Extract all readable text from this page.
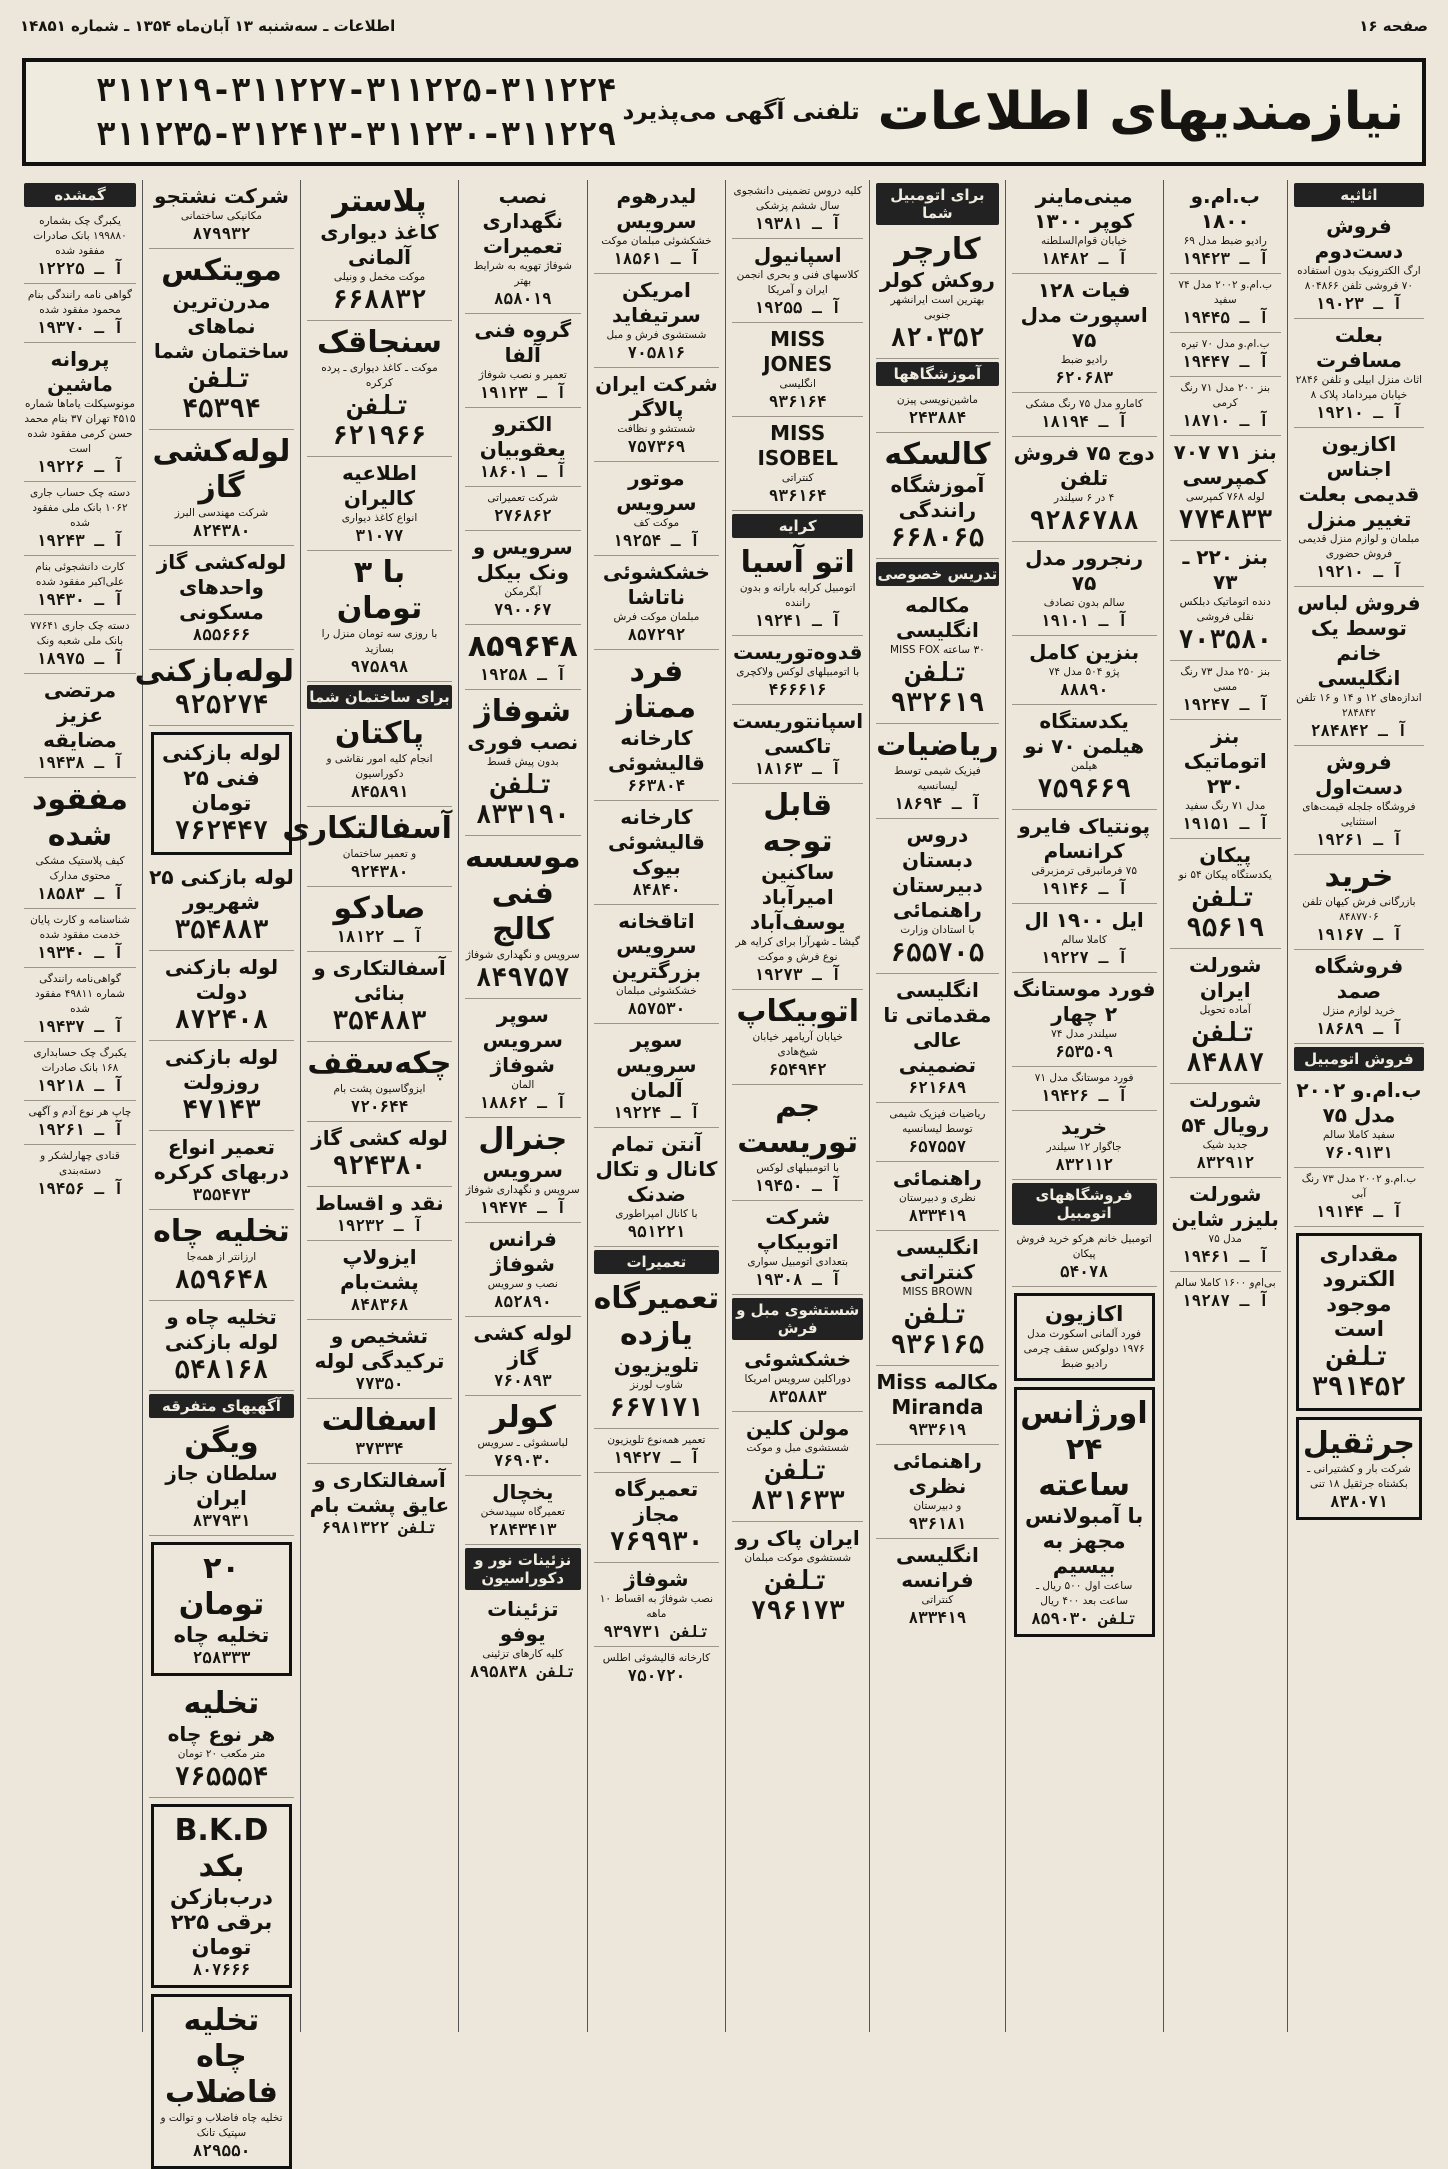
صفحه ۱۶
اطلاعات ـ سه‌شنبه ۱۳ آبان‌ماه ۱۳۵۴ ـ شماره ۱۴۸۵۱
نیازمندیهای اطلاعات
تلفنی آگهی می‌پذیرد
۳۱۱۲۱۹-۳۱۱۲۲۷-۳۱۱۲۲۵-۳۱۱۲۲۴
۳۱۱۲۳۵-۳۱۲۴۱۳-۳۱۱۲۳۰-۳۱۱۲۲۹
اثاثیه
فروش دست‌دوم
ارگ الکترونیک بدون استفاده ۷۰ فروشی تلفن ۸۰۴۸۶۶
آ ـ ۱۹۰۲۳
بعلت مسافرت
اثاث منزل ابیلی و تلفن ۲۸۴۶ خیابان میرداماد پلاک ۸
آ ـ ۱۹۲۱۰
اکازیون اجناس قدیمی بعلت تغییر منزل
مبلمان و لوازم منزل قدیمی فروش حضوری
آ ـ ۱۹۲۱۰
فروش لباس توسط یک خانم انگلیسی
اندازه‌های ۱۲ و ۱۴ و ۱۶ تلفن ۲۸۴۸۴۲
آ ـ ۲۸۴۸۴۲
فروش دست‌اول
فروشگاه جلجله قیمت‌های استثنایی
آ ـ ۱۹۲۶۱
خرید
بازرگانی فرش کیهان تلفن ۸۴۸۷۷۰۶
آ ـ ۱۹۱۶۷
فروشگاه صمد
خرید لوازم منزل
آ ـ ۱۸۶۸۹
فروش اتومبیل
ب.ام.و ۲۰۰۲ مدل ۷۵
سفید کاملا سالم
۷۶۰۹۱۳۱
ب.ام.و ۲۰۰۲ مدل ۷۳ رنگ آبی
آ ـ ۱۹۱۴۴
مقداری الکترود موجود است
تلفن ۳۹۱۴۵۲
جرثقیل
شرکت بار و کشتیرانی ـ بکشتاه جرثقیل ۱۸ تنی
۸۳۸۰۷۱
ب.ام.و ۱۸۰۰
رادیو ضبط مدل ۶۹
آ ـ ۱۹۴۲۳
ب.ام.و ۲۰۰۲ مدل ۷۴ سفید
آ ـ ۱۹۴۴۵
ب.ام.و مدل ۷۰ تیره
آ ـ ۱۹۴۴۷
بنز ۲۰۰ مدل ۷۱ رنگ کرمی
آ ـ ۱۸۷۱۰
بنز ۷۱ ۷۰۷ کمپرسی
لوله ۷۶۸ کمپرسی
۷۷۴۸۳۳
بنز ۲۲۰ ـ ۷۳
دنده اتوماتیک دبلکس نقلی فروشی
۷۰۳۵۸۰
بنز ۲۵۰ مدل ۷۳ رنگ مسی
آ ـ ۱۹۲۴۷
بنز اتوماتیک ۲۳۰
مدل ۷۱ رنگ سفید
آ ـ ۱۹۱۵۱
پیکان
یکدستگاه پیکان ۵۴ نو
تلفن ۹۵۶۱۹
شورلت ایران
آماده تحویل
تلفن ۸۴۸۸۷
شورلت رویال ۵۴
جدید شیک
۸۳۲۹۱۲
شورلت بلیزر شاین
مدل ۷۵
آ ـ ۱۹۴۶۱
بی‌ام‌و ۱۶۰۰ کاملا سالم
آ ـ ۱۹۲۸۷
مینی‌ماینر کوپر ۱۳۰۰
خیابان قوام‌السلطنه
آ ـ ۱۸۴۸۲
فیات ۱۲۸ اسپورت مدل ۷۵
رادیو ضبط
۶۲۰۶۸۳
کامارو مدل ۷۵ رنگ مشکی
آ ـ ۱۸۱۹۴
دوج ۷۵ فروش تلفن
۴ در ۶ سیلندر
۹۲۸۶۷۸۸
رنجرور مدل ۷۵
سالم بدون تصادف
آ ـ ۱۹۱۰۱
بنزین کامل
پژو ۵۰۴ مدل ۷۴
۸۸۸۹۰
یکدستگاه هیلمن ۷۰ نو
هیلمن
۷۵۹۶۶۹
پونتیاک فایرو کرانسام
۷۵ فرمانبرقی ترمزبرقی
آ ـ ۱۹۱۴۶
ایل ۱۹۰۰ ال
کاملا سالم
آ ـ ۱۹۲۲۷
فورد موستانگ ۲ چهار
سیلندر مدل ۷۴
۶۵۳۵۰۹
فورد موستانگ مدل ۷۱
آ ـ ۱۹۴۲۶
خرید
جاگوار ۱۲ سیلندر
۸۳۲۱۱۲
فروشگاههای اتومبیل
اتومبیل خانم هرکو خرید فروش پیکان
۵۴۰۷۸
اکازیون
فورد آلمانی اسکورت مدل ۱۹۷۶ دولوکس سقف چرمی رادیو ضبط
اورژانس ۲۴ ساعته
با آمبولانس مجهز به بیسیم
ساعت اول ۵۰۰ ریال ـ ساعت بعد ۴۰۰ ریال
تلفن ۸۵۹۰۳۰
برای اتومبیل شما
کارچر
روکش کولر
بهترین است ایرانشهر جنوبی
۸۲۰۳۵۲
آموزشگاهها
ماشین‌نویسی پیزن
۲۴۳۸۸۴
کالسکه
آموزشگاه رانندگی
۶۶۸۰۶۵
تدریس خصوصی
مکالمه انگلیسی
۳۰ ساعته MISS FOX
تلفن ۹۳۲۶۱۹
ریاضیات
فیزیک شیمی توسط لیسانسیه
آ ـ ۱۸۶۹۴
دروس دبستان دبیرستان راهنمائی
با استادان وزارت
۶۵۵۷۰۵
انگلیسی مقدماتی تا عالی تضمینی
۶۲۱۶۸۹
ریاضیات فیزیک شیمی توسط لیسانسیه
۶۵۷۵۵۷
راهنمائی
نظری و دبیرستان
۸۳۳۴۱۹
انگلیسی کنتراتی
MISS BROWN
تلفن ۹۳۶۱۶۵
مکالمه Miss Miranda
۹۳۳۶۱۹
راهنمائی نظری
و دبیرستان
۹۳۶۱۸۱
انگلیسی فرانسه
کنتراتی
۸۳۳۴۱۹
کلیه دروس تضمینی دانشجوی سال ششم پزشکی
آ ـ ۱۹۳۸۱
اسپانیول
کلاسهای فنی و بحری انجمن ایران و آمریکا
آ ـ ۱۹۲۵۵
MISS JONES
انگلیسی
۹۳۶۱۶۴
MISS ISOBEL
کنتراتی
۹۳۶۱۶۴
کرایه
اتو آسیا
اتومبیل کرایه بارانه و بدون راننده
آ ـ ۱۹۲۴۱
قدوه‌توریست
با اتومبیلهای لوکس ولاکچری
۴۶۶۶۱۶
اسپانتوریست تاکسی
آ ـ ۱۸۱۶۳
قابل توجه
ساکنین امیرآباد یوسف‌آباد
گیشا ـ شهرآرا برای کرایه هر نوع فرش و موکت
آ ـ ۱۹۲۷۳
اتوبیکاپ
خیابان آریامهر خیابان شیخ‌هادی
۶۵۴۹۴۲
جم توریست
با اتومبیلهای لوکس
آ ـ ۱۹۴۵۰
شرکت اتوبیکاپ
بتعدادی اتومبیل سواری
آ ـ ۱۹۳۰۸
شستشوی مبل و فرش
خشکشوئی
دوراکلین سرویس امریکا
۸۳۵۸۸۳
مولن کلین
شستشوی مبل و موکت
تلفن ۸۳۱۶۳۳
ایران پاک رو
شستشوی موکت مبلمان
تلفن ۷۹۶۱۷۳
لیدرهوم سرویس
خشکشوئی مبلمان موکت
آ ـ ۱۸۵۶۱
امریکن سرتیفاید
شستشوی فرش و مبل
۷۰۵۸۱۶
شرکت ایران پالاگر
شستشو و نظافت
۷۵۷۳۶۹
موتور سرویس
موکت کف
آ ـ ۱۹۲۵۴
خشکشوئی ناتاشا
مبلمان موکت فرش
۸۵۷۲۹۲
فرد ممتاز
کارخانه قالیشوئی
۶۶۳۸۰۴
کارخانه قالیشوئی بیوک
۸۴۸۴۰
اتاقخانه سرویس بزرگترین
خشکشوئی مبلمان
۸۵۷۵۳۰
سوپر سرویس آلمان
آ ـ ۱۹۲۲۴
آنتن تمام کانال و تکال ضدنک
با کانال امپراطوری
۹۵۱۲۲۱
تعمیرات
تعمیرگاه یازده
تلویزیون
شاوب لورنز
۶۶۷۱۷۱
تعمیر همه‌نوع تلویزیون
آ ـ ۱۹۴۲۷
تعمیرگاه مجاز
۷۶۹۹۳۰
شوفاژ
نصب شوفاژ به اقساط ۱۰ ماهه
تلفن ۹۳۹۷۳۱
کارخانه قالیشوئی اطلس
۷۵۰۷۲۰
نصب نگهداری تعمیرات
شوفاژ تهویه به شرایط بهتر
۸۵۸۰۱۹
گروه فنی آلفا
تعمیر و نصب شوفاژ
آ ـ ۱۹۱۲۳
الکترو یعقوبیان
آ ـ ۱۸۶۰۱
شرکت تعمیراتی
۲۷۶۸۶۲
سرویس و ونک بیکل
آبگرمکن
۷۹۰۰۶۷
۸۵۹۶۴۸
آ ـ ۱۹۲۵۸
شوفاژ
نصب فوری
بدون پیش قسط
تلفن ۸۳۳۱۹۰
موسسه فنی کالج
سرویس و نگهداری شوفاژ
۸۴۹۷۵۷
سوپر سرویس شوفاژ
المان
آ ـ ۱۸۸۶۲
جنرال
سرویس
سرویس و نگهداری شوفاژ
آ ـ ۱۹۴۷۴
فرانس شوفاژ
نصب و سرویس
۸۵۲۸۹۰
لوله کشی گاز
۷۶۰۸۹۳
کولر
لباسشوئی ـ سرویس
۷۶۹۰۳۰
یخچال
تعمیرگاه سپیدسخن
۲۸۴۳۴۱۳
نزئینات نور و دکوراسیون
تزئینات یوفو
کلیه کارهای تزئینی
تلفن ۸۹۵۸۳۸
پلاستر
کاغذ دیواری آلمانی
موکت مخمل و ونیلی
۶۶۸۸۳۲
سنجاقک
موکت ـ کاغذ دیواری ـ پرده کرکره
تلفن ۶۲۱۹۶۶
اطلاعیه کالیران
انواع کاغذ دیواری
۳۱۰۷۷
با ۳ تومان
با روزی سه تومان منزل را بسازید
۹۷۵۸۹۸
برای ساختمان شما
پاکتان
انجام کلیه امور نقاشی و دکوراسیون
۸۴۵۸۹۱
آسفالتکاری
و تعمیر ساختمان
۹۲۴۳۸۰
صادکو
آ ـ ۱۸۱۲۲
آسفالتکاری و بنائی
۳۵۴۸۸۳
چکه‌سقف
ایزوگاسیون پشت بام
۷۲۰۶۴۴
لوله کشی گاز
۹۲۴۳۸۰
نقد و اقساط
آ ـ ۱۹۲۳۲
ایزولاپ پشت‌بام
۸۴۸۳۶۸
تشخیص و ترکیدگی لوله
۷۷۳۵۰
اسفالت
۳۷۳۳۴
آسفالتکاری و عایق پشت بام
تلفن ۶۹۸۱۳۲۲
شرکت نشتجو
مکانیکی ساختمانی
۸۷۹۹۳۲
مویتکس
مدرن‌ترین نماهای ساختمان شما
تلفن ۴۵۳۹۴
لوله‌کشی گاز
شرکت مهندسی البرز
۸۲۴۳۸۰
لوله‌کشی گاز واحدهای مسکونی
۸۵۵۶۶۶
لوله‌بازکنی
۹۲۵۲۷۴
لوله بازکنی فنی ۲۵ تومان
۷۶۲۴۴۷
لوله بازکنی ۲۵ شهریور
۳۵۴۸۸۳
لوله بازکنی دولت
۸۷۲۴۰۸
لوله بازکنی روزولت
۴۷۱۴۳
تعمیر انواع دربهای کرکره
۳۵۵۴۷۳
تخلیه چاه
ارزانتر از همه‌جا
۸۵۹۶۴۸
تخلیه چاه و لوله بازکنی
۵۴۸۱۶۸
آگهیهای متفرقه
ویگن
سلطان جاز ایران
۸۳۷۹۳۱
۲۰ تومان
تخلیه چاه
۲۵۸۳۳۳
تخلیه
هر نوع چاه
متر مکعب ۲۰ تومان
۷۶۵۵۵۴
B.K.D بکد
درب‌بازکن برقی ۲۲۵ تومان
۸۰۷۶۶۶
تخلیه چاه فاضلاب
تخلیه چاه فاضلاب و توالت و سپتیک تانک
۸۲۹۵۵۰
گمشده
یکبرگ چک بشماره ۱۹۹۸۸۰ بانک صادرات مفقود شده
آ ـ ۱۲۲۲۵
گواهی نامه رانندگی بنام محمود مفقود شده
آ ـ ۱۹۳۷۰
پروانه ماشین
مونوسیکلت یاماها شماره ۴۵۱۵ تهران ۳۷ بنام محمد حسن کرمی مفقود شده است
آ ـ ۱۹۲۲۶
دسته چک حساب جاری ۱۰۶۲ بانک ملی مفقود شده
آ ـ ۱۹۲۴۳
کارت دانشجوئی بنام علی‌اکبر مفقود شده
آ ـ ۱۹۴۳۰
دسته چک جاری ۷۷۶۴۱ بانک ملی شعبه ونک
آ ـ ۱۸۹۷۵
مرتضی عزیز مضایقه
آ ـ ۱۹۴۳۸
مفقود شده
کیف پلاستیک مشکی محتوی مدارک
آ ـ ۱۸۵۸۳
شناسنامه و کارت پایان خدمت مفقود شده
آ ـ ۱۹۳۴۰
گواهی‌نامه رانندگی شماره ۴۹۸۱۱ مفقود شده
آ ـ ۱۹۴۳۷
یکبرگ چک حسابداری ۱۶۸ بانک صادرات
آ ـ ۱۹۲۱۸
چاپ هر نوع آدم و آگهی
آ ـ ۱۹۲۶۱
قنادی چهارلشکر و دسته‌بندی
آ ـ ۱۹۴۵۶
